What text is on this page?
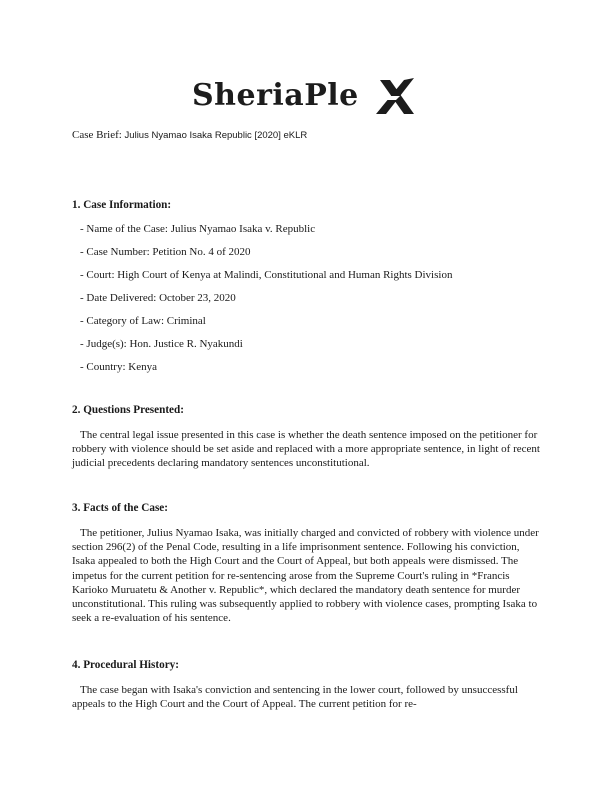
SheriaPle
Case Brief: Julius Nyamao Isaka Republic [2020] eKLR

1. Case Information:

- Name of the Case: Julius Nyamao Isaka v. Republic
- Case Number: Petition No. 4 of 2020
- Court: High Court of Kenya at Malindi, Constitutional and Human Rights Division
- Date Delivered: October 23, 2020
- Category of Law: Criminal
- Judge(s): Hon. Justice R. Nyakundi
- Country: Kenya

2. Questions Presented:

The central legal issue presented in this case is whether the death sentence imposed on the petitioner for robbery with violence should be set aside and replaced with a more appropriate sentence, in light of recent judicial precedents declaring mandatory sentences unconstitutional.

3. Facts of the Case:

The petitioner, Julius Nyamao Isaka, was initially charged and convicted of robbery with violence under section 296(2) of the Penal Code, resulting in a life imprisonment sentence. Following his conviction, Isaka appealed to both the High Court and the Court of Appeal, but both appeals were dismissed. The impetus for the current petition for re-sentencing arose from the Supreme Court's ruling in *Francis Karioko Muruatetu & Another v. Republic*, which declared the mandatory death sentence for murder unconstitutional. This ruling was subsequently applied to robbery with violence cases, prompting Isaka to seek a re-evaluation of his sentence.

4. Procedural History:

The case began with Isaka's conviction and sentencing in the lower court, followed by unsuccessful appeals to the High Court and the Court of Appeal. The current petition for re-
